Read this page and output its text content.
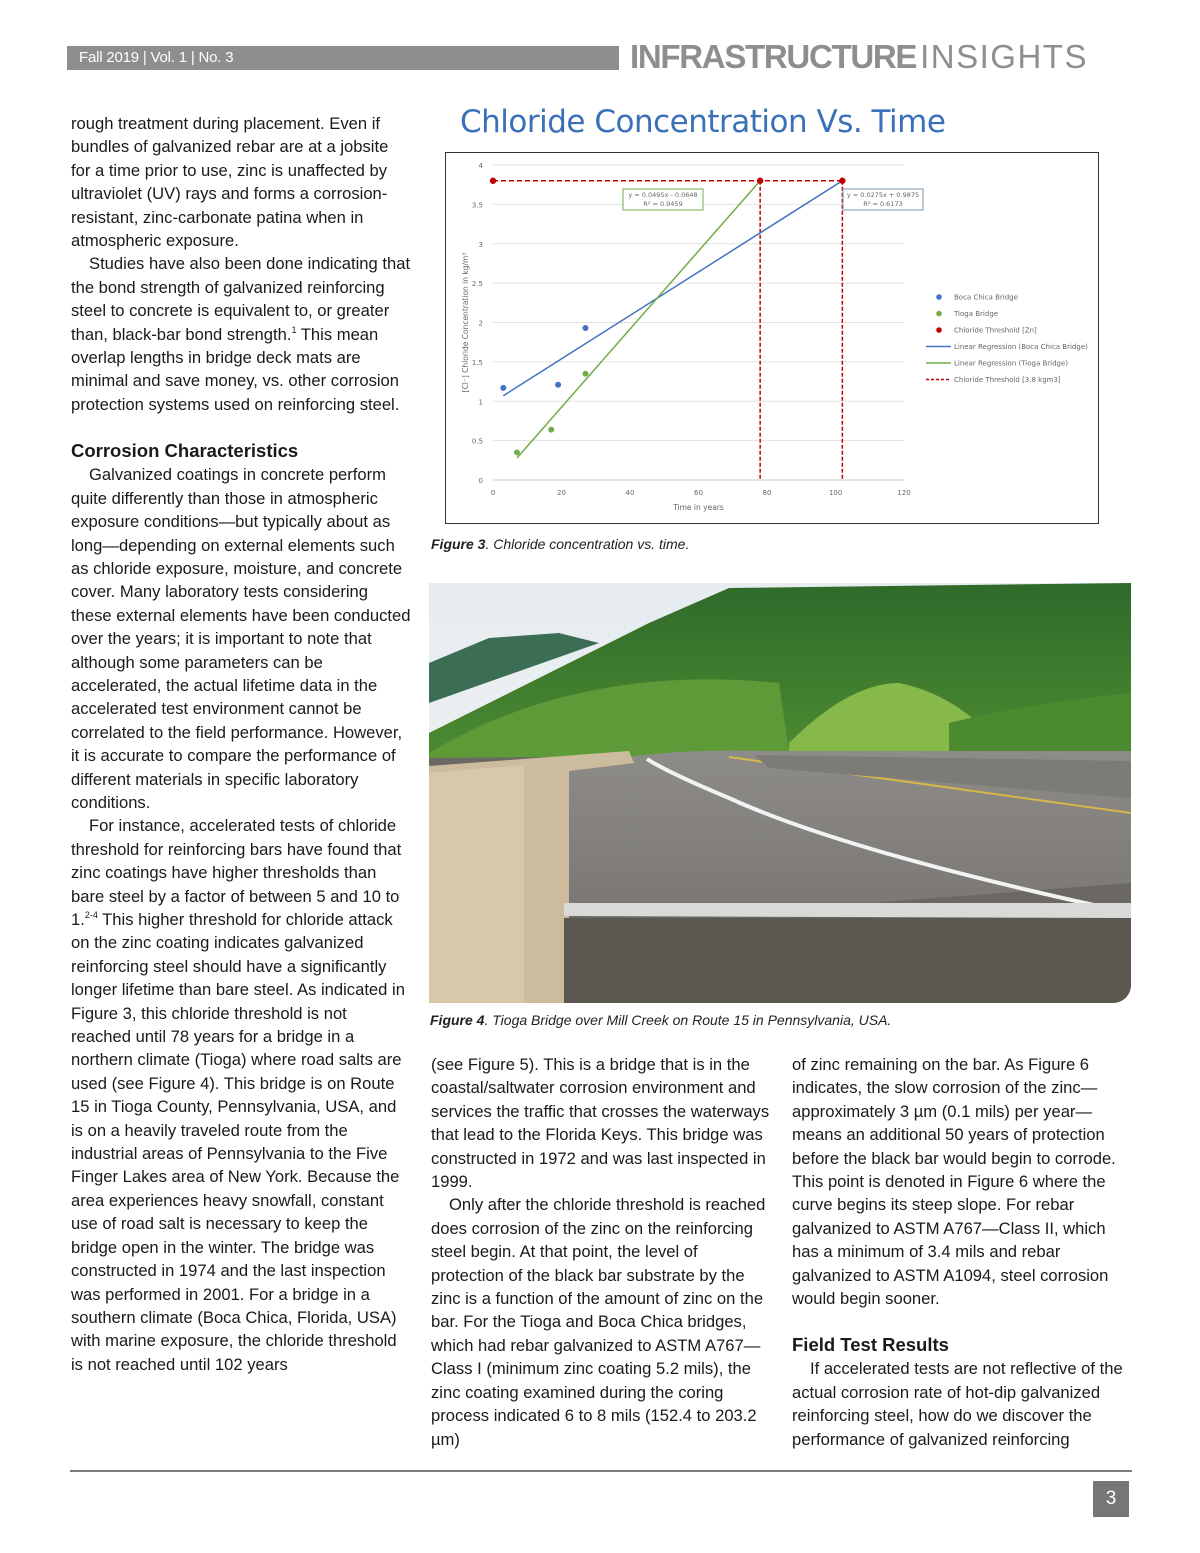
Fall 2019 | Vol. 1 | No. 3	INFRASTRUCTURE INSIGHTS

rough treatment during placement. Even if bundles of galvanized rebar are at a jobsite for a time prior to use, zinc is unaffected by ultraviolet (UV) rays and forms a corrosion-resistant, zinc-carbonate patina when in atmospheric exposure.

Studies have also been done indicating that the bond strength of galvanized reinforcing steel to concrete is equivalent to, or greater than, black-bar bond strength.$^1$ This mean overlap lengths in bridge deck mats are minimal and save money, vs. other corrosion protection systems used on reinforcing steel.

Corrosion Characteristics

Galvanized coatings in concrete perform quite differently than those in atmospheric exposure conditions—but typically about as long—depending on external elements such as chloride exposure, moisture, and concrete cover. Many laboratory tests considering these external elements have been conducted over the years; it is important to note that although some parameters can be accelerated, the actual lifetime data in the accelerated test environment cannot be correlated to the field performance. However, it is accurate to compare the performance of different materials in specific laboratory conditions.

For instance, accelerated tests of chloride threshold for reinforcing bars have found that zinc coatings have higher thresholds than bare steel by a factor of between 5 and 10 to 1.$^{2-4}$ This higher threshold for chloride attack on the zinc coating indicates galvanized reinforcing steel should have a significantly longer lifetime than bare steel. As indicated in Figure 3, this chloride threshold is not reached until 78 years for a bridge in a northern climate (Tioga) where road salts are used (see Figure 4). This bridge is on Route 15 in Tioga County, Pennsylvania, USA, and is on a heavily traveled route from the industrial areas of Pennsylvania to the Five Finger Lakes area of New York. Because the area experiences heavy snowfall, constant use of road salt is necessary to keep the bridge open in the winter. The bridge was constructed in 1974 and the last inspection was performed in 2001. For a bridge in a southern climate (Boca Chica, Florida, USA) with marine exposure, the chloride threshold is not reached until 102 years

Chloride Concentration Vs. Time
0
0.5
1
1.5
2
2.5
3
3.5
4
0	20	40	60	80	100	120
Time in years
[Cl⁻] Chloride Concentration in kg/m³
y = 0.0495x - 0.0648
R² = 0.9459
y = 0.0275x + 0.9875
R² = 0.6173
Boca Chica Bridge
Tioga Bridge
Chloride Threshold [Zn]
Linear Regression (Boca Chica Bridge)
Linear Regression (Tioga Bridge)
Chloride Threshold [3.8 kgm3]
Figure 3. Chloride concentration vs. time.
Figure 4. Tioga Bridge over Mill Creek on Route 15 in Pennsylvania, USA.

(see Figure 5). This is a bridge that is in the coastal/saltwater corrosion environment and services the traffic that crosses the waterways that lead to the Florida Keys. This bridge was constructed in 1972 and was last inspected in 1999.

Only after the chloride threshold is reached does corrosion of the zinc on the reinforcing steel begin. At that point, the level of protection of the black bar substrate by the zinc is a function of the amount of zinc on the bar. For the Tioga and Boca Chica bridges, which had rebar galvanized to ASTM A767—Class I (minimum zinc coating 5.2 mils), the zinc coating examined during the coring process indicated 6 to 8 mils (152.4 to 203.2 µm)

of zinc remaining on the bar. As Figure 6 indicates, the slow corrosion of the zinc—approximately 3 µm (0.1 mils) per year—means an additional 50 years of protection before the black bar would begin to corrode. This point is denoted in Figure 6 where the curve begins its steep slope. For rebar galvanized to ASTM A767—Class II, which has a minimum of 3.4 mils and rebar galvanized to ASTM A1094, steel corrosion would begin sooner.

Field Test Results

If accelerated tests are not reflective of the actual corrosion rate of hot-dip galvanized reinforcing steel, how do we discover the performance of galvanized reinforcing

3
